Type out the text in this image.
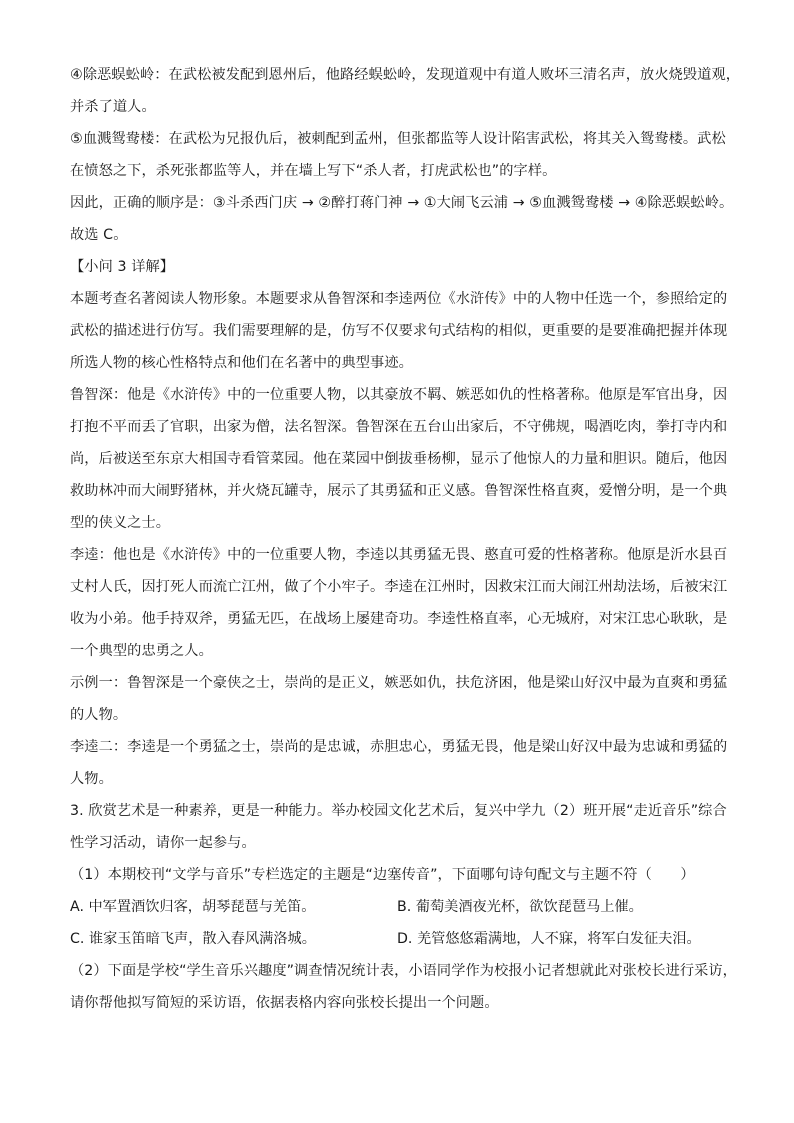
④除恶蜈蚣岭：在武松被发配到恩州后，他路经蜈蚣岭，发现道观中有道人败坏三清名声，放火烧毁道观，
并杀了道人。
⑤血溅鸳鸯楼：在武松为兄报仇后，被刺配到孟州，但张都监等人设计陷害武松，将其关入鸳鸯楼。武松
在愤怒之下，杀死张都监等人，并在墙上写下“杀人者，打虎武松也”的字样。
因此，正确的顺序是：③斗杀西门庆 → ②醉打蒋门神 → ①大闹飞云浦 → ⑤血溅鸳鸯楼 → ④除恶蜈蚣岭。
故选 C。
【小问 3 详解】
本题考查名著阅读人物形象。本题要求从鲁智深和李逵两位《水浒传》中的人物中任选一个，参照给定的
武松的描述进行仿写。我们需要理解的是，仿写不仅要求句式结构的相似，更重要的是要准确把握并体现
所选人物的核心性格特点和他们在名著中的典型事迹。
鲁智深：他是《水浒传》中的一位重要人物，以其豪放不羁、嫉恶如仇的性格著称。他原是军官出身，因
打抱不平而丢了官职，出家为僧，法名智深。鲁智深在五台山出家后，不守佛规，喝酒吃肉，拳打寺内和
尚，后被送至东京大相国寺看管菜园。他在菜园中倒拔垂杨柳，显示了他惊人的力量和胆识。随后，他因
救助林冲而大闹野猪林，并火烧瓦罐寺，展示了其勇猛和正义感。鲁智深性格直爽，爱憎分明，是一个典
型的侠义之士。
李逵：他也是《水浒传》中的一位重要人物，李逵以其勇猛无畏、憨直可爱的性格著称。他原是沂水县百
丈村人氏，因打死人而流亡江州，做了个小牢子。李逵在江州时，因救宋江而大闹江州劫法场，后被宋江
收为小弟。他手持双斧，勇猛无匹，在战场上屡建奇功。李逵性格直率，心无城府，对宋江忠心耿耿，是
一个典型的忠勇之人。
示例一：鲁智深是一个豪侠之士，崇尚的是正义，嫉恶如仇，扶危济困，他是梁山好汉中最为直爽和勇猛
的人物。
李逵二：李逵是一个勇猛之士，崇尚的是忠诚，赤胆忠心，勇猛无畏，他是梁山好汉中最为忠诚和勇猛的
人物。
3. 欣赏艺术是一种素养，更是一种能力。举办校园文化艺术后，复兴中学九（2）班开展“走近音乐”综合
性学习活动，请你一起参与。
（1）本期校刊“文学与音乐”专栏选定的主题是“边塞传音”，下面哪句诗句配文与主题不符（　　）
A. 中军置酒饮归客，胡琴琵琶与羌笛。	B. 葡萄美酒夜光杯，欲饮琵琶马上催。
C. 谁家玉笛暗飞声，散入春风满洛城。	D. 羌管悠悠霜满地，人不寐，将军白发征夫泪。
（2）下面是学校“学生音乐兴趣度”调查情况统计表，小语同学作为校报小记者想就此对张校长进行采访，
请你帮他拟写简短的采访语，依据表格内容向张校长提出一个问题。
